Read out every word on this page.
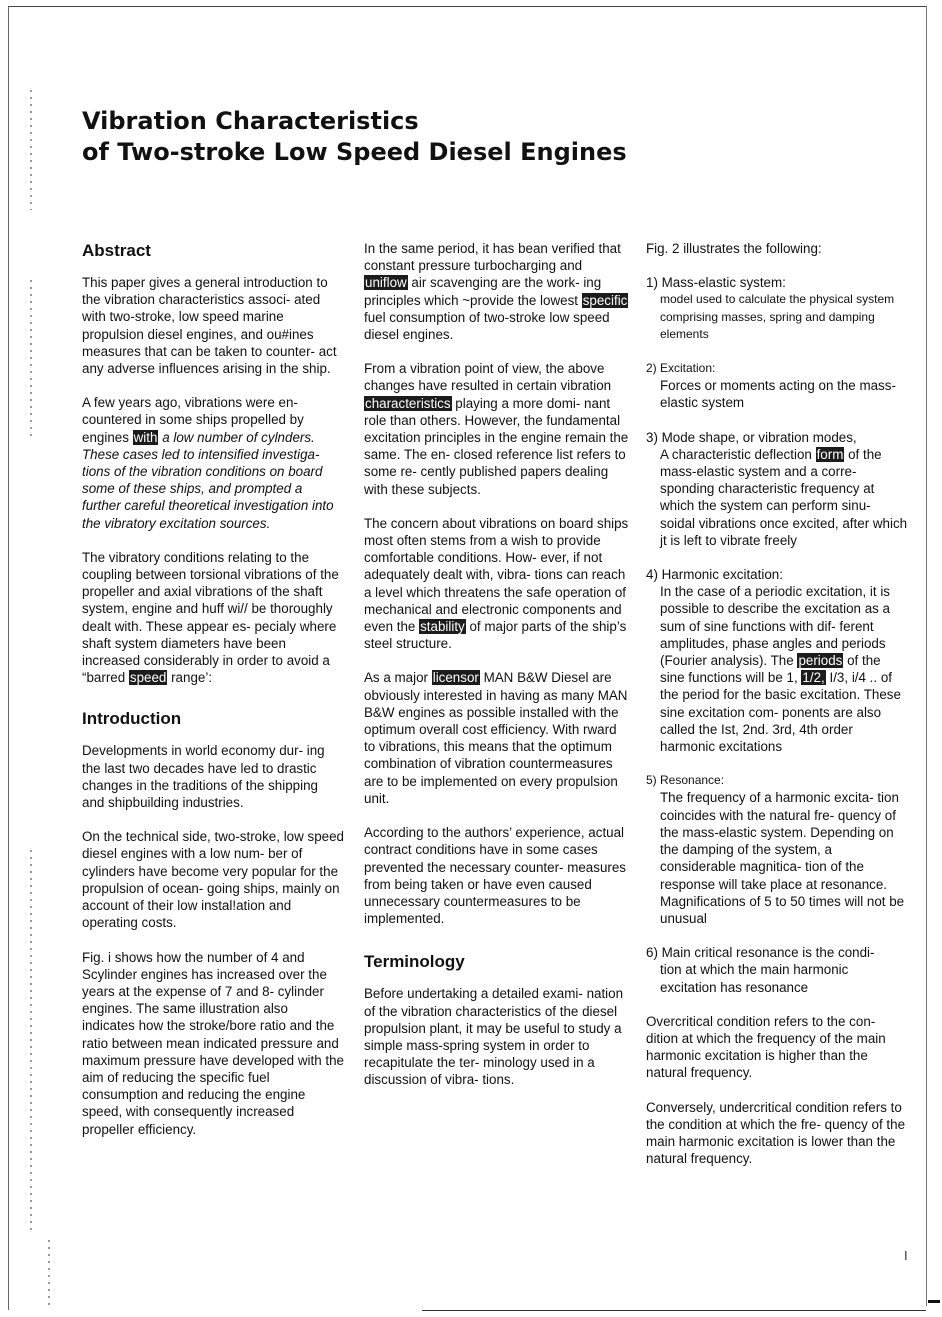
Vibration Characteristics
of Two-stroke Low Speed Diesel Engines
Abstract

This paper gives a general introduction to the vibration characteristics associ- ated with two-stroke, low speed marine propulsion diesel engines, and ou#ines measures that can be taken to counter- act any adverse influences arising in the ship.

A few years ago, vibrations were en- countered in some ships propelled by engines with a low number of cylnders. These cases led to intensified investiga- tions of the vibration conditions on board some of these ships, and prompted a further careful theoretical investigation into the vibratory excitation sources.

The vibratory conditions relating to the coupling between torsional vibrations of the propeller and axial vibrations of the shaft system, engine and huff wi// be thoroughly dealt with. These appear es- pecialy where shaft system diameters have been increased considerably in order to avoid a “barred speed range’:

Introduction

Developments in world economy dur- ing the last two decades have led to drastic changes in the traditions of the shipping and shipbuilding industries.

On the technical side, two-stroke, low speed diesel engines with a low num- ber of cylinders have become very popular for the propulsion of ocean- going ships, mainly on account of their low instal!ation and operating costs.

Fig. i shows how the number of 4 and Scylinder engines has increased over the years at the expense of 7 and 8- cylinder engines. The same illustration also indicates how the stroke/bore ratio and the ratio between mean indicated pressure and maximum pressure have developed with the aim of reducing the specific fuel consumption and reducing the engine speed, with consequently increased propeller efficiency.

In the same period, it has bean verified that constant pressure turbocharging and uniflow air scavenging are the work- ing principles which ~provide the lowest specific fuel consumption of two-stroke low speed diesel engines.

From a vibration point of view, the above changes have resulted in certain vibration characteristics playing a more domi- nant role than others. However, the fundamental excitation principles in the engine remain the same. The en- closed reference list refers to some re- cently published papers dealing with these subjects.

The concern about vibrations on board ships most often stems from a wish to provide comfortable conditions. How- ever, if not adequately dealt with, vibra- tions can reach a level which threatens the safe operation of mechanical and electronic components and even the stability of major parts of the ship’s steel structure.

As a major licensor MAN B&W Diesel are obviously interested in having as many MAN B&W engines as possible installed with the optimum overall cost efficiency. With rward to vibrations, this means that the optimum combination of vibration countermeasures are to be implemented on every propulsion unit.

According to the authors’ experience, actual contract conditions have in some cases prevented the necessary counter- measures from being taken or have even caused unnecessary countermeasures to be implemented.

Terminology

Before undertaking a detailed exami- nation of the vibration characteristics of the diesel propulsion plant, it may be useful to study a simple mass-spring system in order to recapitulate the ter- minology used in a discussion of vibra- tions.

Fig. 2 illustrates the following:

1) Mass-elastic system:
model used to calculate the physical system comprising masses, spring and damping elements
2) Excitation:
Forces or moments acting on the mass-elastic system
3) Mode shape, or vibration modes,
A characteristic deflection form of the mass-elastic system and a corre- sponding characteristic frequency at which the system can perform sinu- soidal vibrations once excited, after which jt is left to vibrate freely
4) Harmonic excitation:
In the case of a periodic excitation, it is possible to describe the excitation as a sum of sine functions with dif- ferent amplitudes, phase angles and periods (Fourier analysis). The periods of the sine functions will be 1, 1/2, I/3, i/4 .. of the period for the basic excitation. These sine excitation com- ponents are also called the Ist, 2nd. 3rd, 4th order harmonic excitations
5) Resonance:
The frequency of a harmonic excita- tion coincides with the natural fre- quency of the mass-elastic system. Depending on the damping of the system, a considerable magnitica- tion of the response will take place at resonance. Magnifications of 5 to 50 times will not be unusual
6) Main critical resonance is the condi-
tion at which the main harmonic excitation has resonance

Overcritical condition refers to the con- dition at which the frequency of the main harmonic excitation is higher than the natural frequency.

Conversely, undercritical condition refers to the condition at which the fre- quency of the main harmonic excitation is lower than the natural frequency.

I
